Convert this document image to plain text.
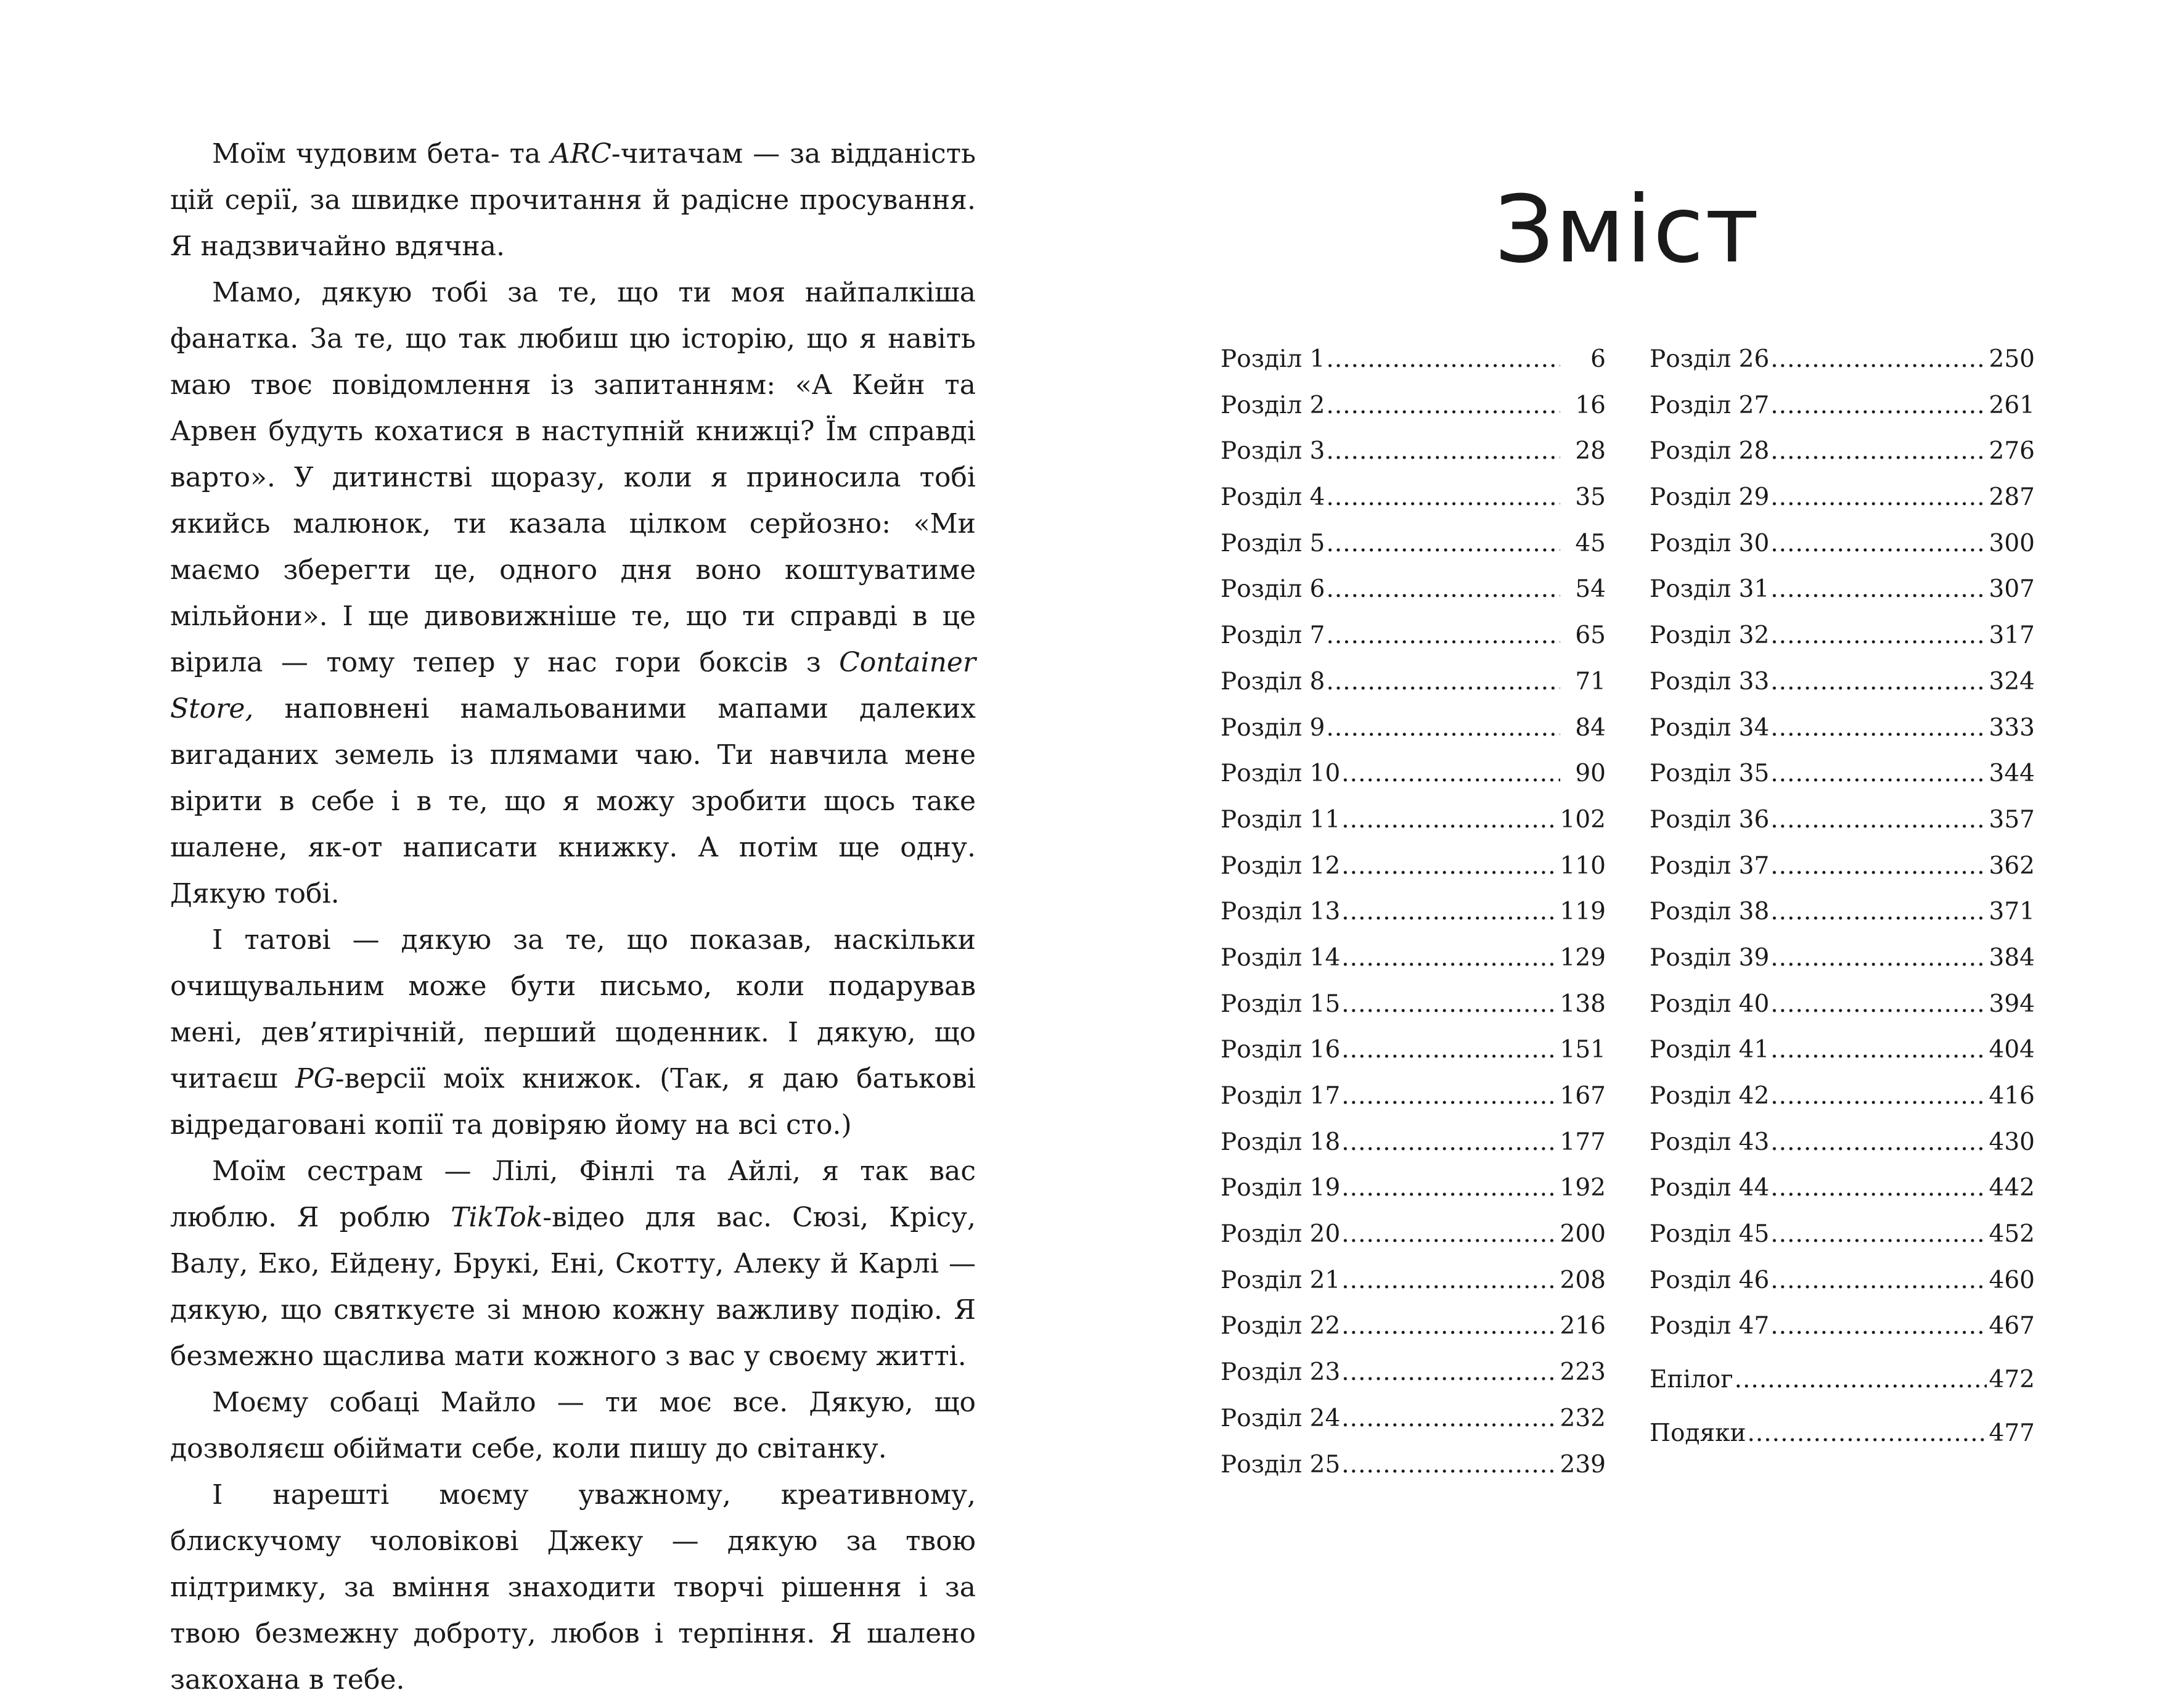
Моїм чудовим бета- та ARC-читачам — за відданість цій серії, за швидке прочитання й радісне просування. Я надзвичайно вдячна.

Мамо, дякую тобі за те, що ти моя найпалкіша фанатка. За те, що так любиш цю історію, що я навіть маю твоє повідомлення із запитанням: «А Кейн та Арвен будуть кохатися в наступній книжці? Їм справді варто». У дитинстві щоразу, коли я приносила тобі якийсь малюнок, ти казала цілком серйозно: «Ми маємо зберегти це, одного дня воно коштуватиме мільйони». І ще дивовижніше те, що ти справді в це вірила — тому тепер у нас гори боксів з Container Store, наповнені намальованими мапами далеких вигаданих земель із плямами чаю. Ти навчила мене вірити в себе і в те, що я можу зробити щось таке шалене, як-от написати книжку. А потім ще одну. Дякую тобі.

І татові — дякую за те, що показав, наскільки очищувальним може бути письмо, коли подарував мені, дев’ятирічній, перший щоденник. І дякую, що читаєш PG-версії моїх книжок. (Так, я даю батькові відредаговані копії та довіряю йому на всі сто.)

Моїм сестрам — Лілі, Фінлі та Айлі, я так вас люблю. Я роблю TikTok-відео для вас. Сюзі, Крісу, Валу, Еко, Ейдену, Брукі, Ені, Скотту, Алеку й Карлі — дякую, що святкуєте зі мною кожну важливу подію. Я безмежно щаслива мати кожного з вас у своєму житті.

Моєму собаці Майло — ти моє все. Дякую, що дозволяєш обіймати себе, коли пишу до світанку.

І нарешті моєму уважному, креативному, блискучому чоловікові Джеку — дякую за твою підтримку, за вміння знаходити творчі рішення і за твою безмежну доброту, любов і терпіння. Я шалено закохана в тебе.

Зміст
Розділ 1 .....	6
Розділ 2 .....	16
Розділ 3 .....	28
Розділ 4 .....	35
Розділ 5 .....	45
Розділ 6 .....	54
Розділ 7 .....	65
Розділ 8 .....	71
Розділ 9 .....	84
Розділ 10 .....	90
Розділ 11 .....	102
Розділ 12 .....	110
Розділ 13 .....	119
Розділ 14 .....	129
Розділ 15 .....	138
Розділ 16 .....	151
Розділ 17 .....	167
Розділ 18 .....	177
Розділ 19 .....	192
Розділ 20 .....	200
Розділ 21 .....	208
Розділ 22 .....	216
Розділ 23 .....	223
Розділ 24 .....	232
Розділ 25 .....	239
Розділ 26 .....	250
Розділ 27 .....	261
Розділ 28 .....	276
Розділ 29 .....	287
Розділ 30 .....	300
Розділ 31 .....	307
Розділ 32 .....	317
Розділ 33 .....	324
Розділ 34 .....	333
Розділ 35 .....	344
Розділ 36 .....	357
Розділ 37 .....	362
Розділ 38 .....	371
Розділ 39 .....	384
Розділ 40 .....	394
Розділ 41 .....	404
Розділ 42 .....	416
Розділ 43 .....	430
Розділ 44 .....	442
Розділ 45 .....	452
Розділ 46 .....	460
Розділ 47 .....	467
Епілог .....	472
Подяки .....	477
